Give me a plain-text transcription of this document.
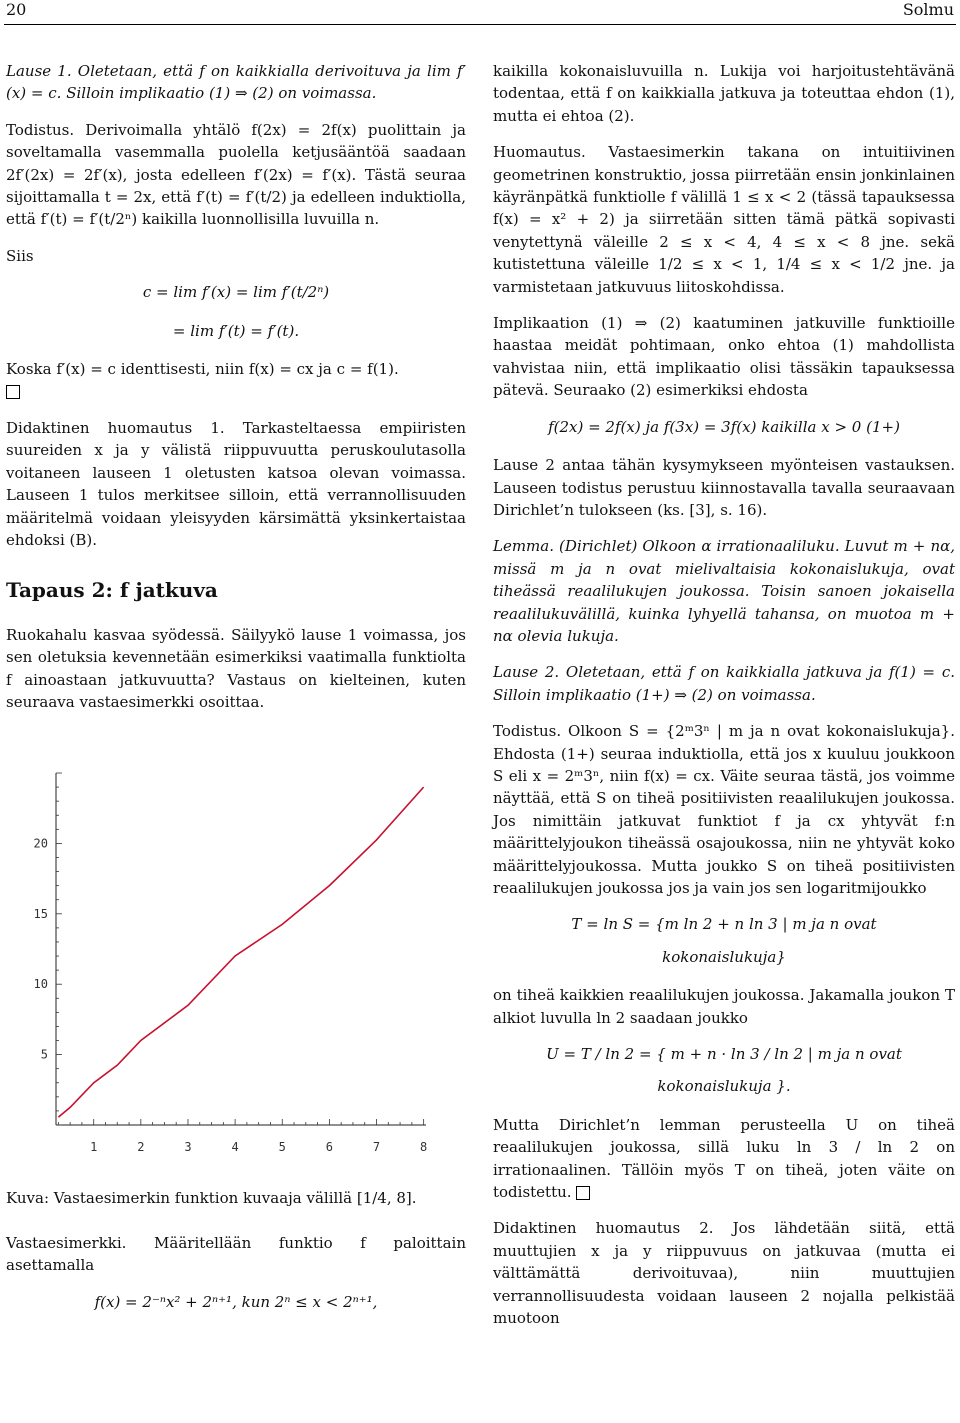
20	Solmu

Lause 1. Oletetaan, että f on kaikkialla derivoituva ja lim f′(x) = c. Silloin implikaatio (1) ⇒ (2) on voimassa.

Todistus. Derivoimalla yhtälö f(2x) = 2f(x) puolittain ja soveltamalla vasemmalla puolella ketjusääntöä saadaan 2f′(2x) = 2f′(x), josta edelleen f′(2x) = f′(x). Tästä seuraa sijoittamalla t = 2x, että f′(t) = f′(t/2) ja edelleen induktiolla, että f′(t) = f′(t/2ⁿ) kaikilla luonnollisilla luvuilla n.

Siis

c = lim f′(x) = lim f′(t/2ⁿ)
= lim f′(t) = f′(t).

Koska f′(x) = c identtisesti, niin f(x) = cx ja c = f(1).

Didaktinen huomautus 1. Tarkasteltaessa empiiristen suureiden x ja y välistä riippuvuutta peruskoulutasolla voitaneen lauseen 1 oletusten katsoa olevan voimassa. Lauseen 1 tulos merkitsee silloin, että verrannollisuuden määritelmä voidaan yleisyyden kärsimättä yksinkertaistaa ehdoksi (B).

Tapaus 2: f jatkuva

Ruokahalu kasvaa syödessä. Säilyykö lause 1 voimassa, jos sen oletuksia kevennetään esimerkiksi vaatimalla funktiolta f ainoastaan jatkuvuutta? Vastaus on kielteinen, kuten seuraava vastaesimerkki osoittaa.

5
10
15
20
1	2	3	4	5	6	7	8

Kuva: Vastaesimerkin funktion kuvaaja välillä [1/4, 8].

Vastaesimerkki. Määritellään funktio f paloittain asettamalla

f(x) = 2⁻ⁿx² + 2ⁿ⁺¹, kun 2ⁿ ≤ x < 2ⁿ⁺¹,

kaikilla kokonaisluvuilla n. Lukija voi harjoitustehtävänä todentaa, että f on kaikkialla jatkuva ja toteuttaa ehdon (1), mutta ei ehtoa (2).

Huomautus. Vastaesimerkin takana on intuitiivinen geometrinen konstruktio, jossa piirretään ensin jonkinlainen käyränpätkä funktiolle f välillä 1 ≤ x < 2 (tässä tapauksessa f(x) = x² + 2) ja siirretään sitten tämä pätkä sopivasti venytettynä väleille 2 ≤ x < 4, 4 ≤ x < 8 jne. sekä kutistettuna väleille 1/2 ≤ x < 1, 1/4 ≤ x < 1/2 jne. ja varmistetaan jatkuvuus liitoskohdissa.

Implikaation (1) ⇒ (2) kaatuminen jatkuville funktioille haastaa meidät pohtimaan, onko ehtoa (1) mahdollista vahvistaa niin, että implikaatio olisi tässäkin tapauksessa pätevä. Seuraako (2) esimerkiksi ehdosta

f(2x) = 2f(x) ja f(3x) = 3f(x) kaikilla x > 0 (1+)

Lause 2 antaa tähän kysymykseen myönteisen vastauksen. Lauseen todistus perustuu kiinnostavalla tavalla seuraavaan Dirichlet’n tulokseen (ks. [3], s. 16).

Lemma. (Dirichlet) Olkoon α irrationaaliluku. Luvut m + nα, missä m ja n ovat mielivaltaisia kokonaislukuja, ovat tiheässä reaalilukujen joukossa. Toisin sanoen jokaisella reaalilukuvälillä, kuinka lyhyellä tahansa, on muotoa m + nα olevia lukuja.

Lause 2. Oletetaan, että f on kaikkialla jatkuva ja f(1) = c. Silloin implikaatio (1+) ⇒ (2) on voimassa.

Todistus. Olkoon S = {2ᵐ3ⁿ | m ja n ovat kokonaislukuja}. Ehdosta (1+) seuraa induktiolla, että jos x kuuluu joukkoon S eli x = 2ᵐ3ⁿ, niin f(x) = cx. Väite seuraa tästä, jos voimme näyttää, että S on tiheä positiivisten reaalilukujen joukossa. Jos nimittäin jatkuvat funktiot f ja cx yhtyvät f:n määrittelyjoukon tiheässä osajoukossa, niin ne yhtyvät koko määrittelyjoukossa. Mutta joukko S on tiheä positiivisten reaalilukujen joukossa jos ja vain jos sen logaritmijoukko

T = ln S = {m ln 2 + n ln 3 | m ja n ovat
kokonaislukuja}

on tiheä kaikkien reaalilukujen joukossa. Jakamalla joukon T alkiot luvulla ln 2 saadaan joukko

U = T / ln 2 = { m + n · ln 3 / ln 2 | m ja n ovat
kokonaislukuja }.

Mutta Dirichlet’n lemman perusteella U on tiheä reaalilukujen joukossa, sillä luku ln 3 / ln 2 on irrationaalinen. Tällöin myös T on tiheä, joten väite on todistettu.

Didaktinen huomautus 2. Jos lähdetään siitä, että muuttujien x ja y riippuvuus on jatkuvaa (mutta ei välttämättä derivoituvaa), niin muuttujien verrannollisuudesta voidaan lauseen 2 nojalla pelkistää muotoon
